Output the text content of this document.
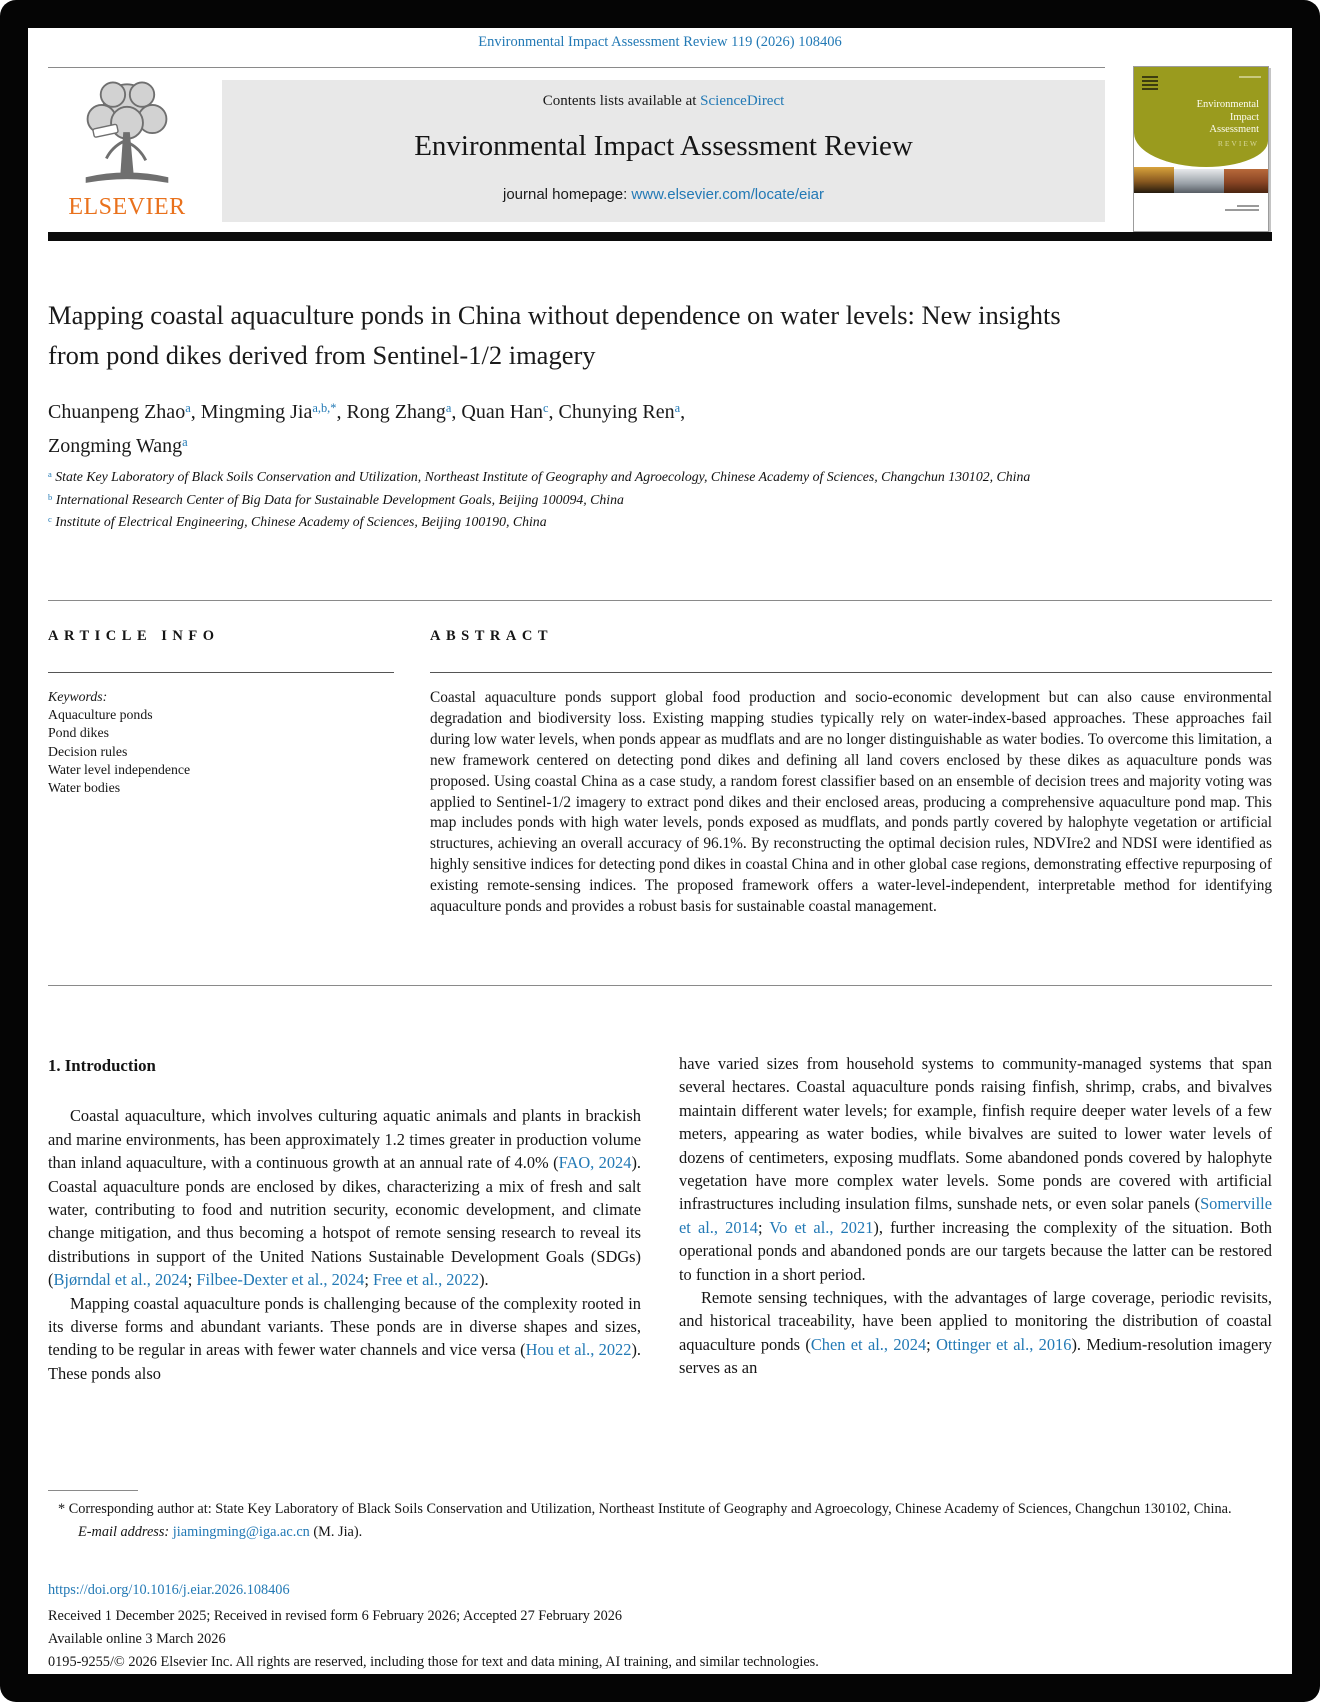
Environmental Impact Assessment Review 119 (2026) 108406
ELSEVIER
Contents lists available at ScienceDirect
Environmental Impact Assessment Review
journal homepage: www.elsevier.com/locate/eiar
Environmental
Impact
Assessment
REVIEW
Mapping coastal aquaculture ponds in China without dependence on water levels: New insights from pond dikes derived from Sentinel-1/2 imagery
Chuanpeng Zhao$^a$, Mingming Jia$^{a,b,*}$, Rong Zhang$^a$, Quan Han$^c$, Chunying Ren$^a$,
Zongming Wang$^a$
$^a$ State Key Laboratory of Black Soils Conservation and Utilization, Northeast Institute of Geography and Agroecology, Chinese Academy of Sciences, Changchun 130102, China
$^b$ International Research Center of Big Data for Sustainable Development Goals, Beijing 100094, China
$^c$ Institute of Electrical Engineering, Chinese Academy of Sciences, Beijing 100190, China
ARTICLE INFO	ABSTRACT
Keywords:
Aquaculture ponds
Pond dikes
Decision rules
Water level independence
Water bodies
Coastal aquaculture ponds support global food production and socio-economic development but can also cause environmental degradation and biodiversity loss. Existing mapping studies typically rely on water-index-based approaches. These approaches fail during low water levels, when ponds appear as mudflats and are no longer distinguishable as water bodies. To overcome this limitation, a new framework centered on detecting pond dikes and defining all land covers enclosed by these dikes as aquaculture ponds was proposed. Using coastal China as a case study, a random forest classifier based on an ensemble of decision trees and majority voting was applied to Sentinel-1/2 imagery to extract pond dikes and their enclosed areas, producing a comprehensive aquaculture pond map. This map includes ponds with high water levels, ponds exposed as mudflats, and ponds partly covered by halophyte vegetation or artificial structures, achieving an overall accuracy of 96.1%. By reconstructing the optimal decision rules, NDVIre2 and NDSI were identified as highly sensitive indices for detecting pond dikes in coastal China and in other global case regions, demonstrating effective repurposing of existing remote-sensing indices. The proposed framework offers a water-level-independent, interpretable method for identifying aquaculture ponds and provides a robust basis for sustainable coastal management.
1. Introduction

Coastal aquaculture, which involves culturing aquatic animals and plants in brackish and marine environments, has been approximately 1.2 times greater in production volume than inland aquaculture, with a continuous growth at an annual rate of 4.0% (FAO, 2024). Coastal aquaculture ponds are enclosed by dikes, characterizing a mix of fresh and salt water, contributing to food and nutrition security, economic development, and climate change mitigation, and thus becoming a hotspot of remote sensing research to reveal its distributions in support of the United Nations Sustainable Development Goals (SDGs) (Bjørndal et al., 2024; Filbee-Dexter et al., 2024; Free et al., 2022).

Mapping coastal aquaculture ponds is challenging because of the complexity rooted in its diverse forms and abundant variants. These ponds are in diverse shapes and sizes, tending to be regular in areas with fewer water channels and vice versa (Hou et al., 2022). These ponds also

have varied sizes from household systems to community-managed systems that span several hectares. Coastal aquaculture ponds raising finfish, shrimp, crabs, and bivalves maintain different water levels; for example, finfish require deeper water levels of a few meters, appearing as water bodies, while bivalves are suited to lower water levels of dozens of centimeters, exposing mudflats. Some abandoned ponds covered by halophyte vegetation have more complex water levels. Some ponds are covered with artificial infrastructures including insulation films, sunshade nets, or even solar panels (Somerville et al., 2014; Vo et al., 2021), further increasing the complexity of the situation. Both operational ponds and abandoned ponds are our targets because the latter can be restored to function in a short period.

Remote sensing techniques, with the advantages of large coverage, periodic revisits, and historical traceability, have been applied to monitoring the distribution of coastal aquaculture ponds (Chen et al., 2024; Ottinger et al., 2016). Medium-resolution imagery serves as an

* Corresponding author at: State Key Laboratory of Black Soils Conservation and Utilization, Northeast Institute of Geography and Agroecology, Chinese Academy of Sciences, Changchun 130102, China.

E-mail address: jiamingming@iga.ac.cn (M. Jia).

https://doi.org/10.1016/j.eiar.2026.108406
Received 1 December 2025; Received in revised form 6 February 2026; Accepted 27 February 2026
Available online 3 March 2026
0195-9255/© 2026 Elsevier Inc. All rights are reserved, including those for text and data mining, AI training, and similar technologies.
